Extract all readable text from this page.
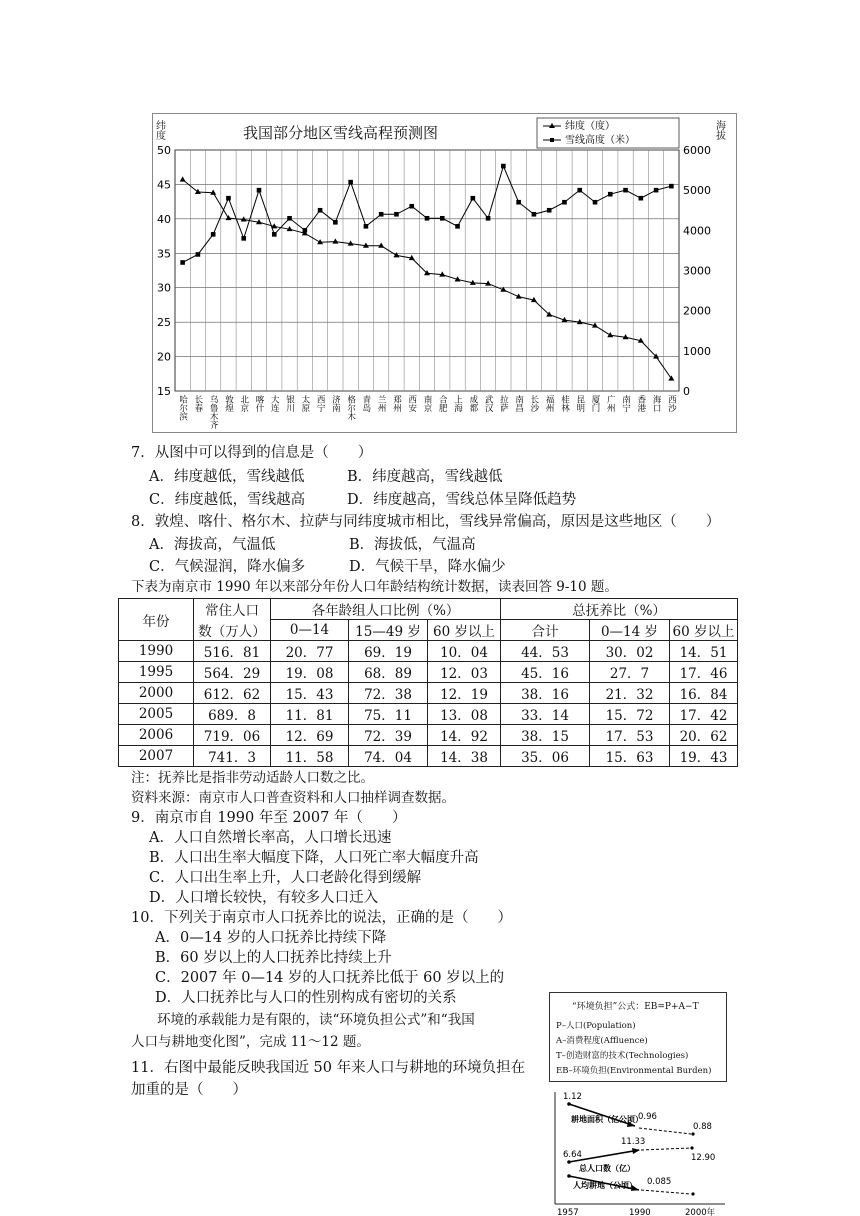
我国部分地区雪线高程预测图
纬度	海拔
纬度（度）
雪线高度（米）
50
45
40
35
30
25
20
15
6000
5000
4000
3000
2000
1000
0
哈尔滨 长春 乌鲁木齐 敦煌 北京 喀什 大连 银川 太原 西宁 济南 格尔木 青岛 兰州 郑州 西安 南京 合肥 上海 成都 武汉 拉萨 南昌 长沙 福州 桂林 昆明 厦门 广州 南宁 香港 海口 西沙
7．从图中可以得到的信息是（　　）
A．纬度越低，雪线越低	B．纬度越高，雪线越低
C．纬度越低，雪线越高	D．纬度越高，雪线总体呈降低趋势
8．敦煌、喀什、格尔木、拉萨与同纬度城市相比，雪线异常偏高，原因是这些地区（　　）
A．海拔高，气温低	B．海拔低，气温高
C．气候湿润，降水偏多	D．气候干旱，降水偏少
下表为南京市 1990 年以来部分年份人口年龄结构统计数据，读表回答 9-10 题。
年份	常住人口	各年龄组人口比例（%）			总抚养比（%）		
	数（万人）	0—14	15—49 岁	60 岁以上	合计	0—14 岁	60 岁以上
1990	516．81	20．77	69．19	10．04	44．53	30．02	14．51
1995	564．29	19．08	68．89	12．03	45．16	27．7	17．46
2000	612．62	15．43	72．38	12．19	38．16	21．32	16．84
2005	689．8	11．81	75．11	13．08	33．14	15．72	17．42
2006	719．06	12．69	72．39	14．92	38．15	17．53	20．62
2007	741．3	11．58	74．04	14．38	35．06	15．63	19．43
注：抚养比是指非劳动适龄人口数之比。
资料来源：南京市人口普查资料和人口抽样调查数据。
9．南京市自 1990 年至 2007 年（　　）
A．人口自然增长率高，人口增长迅速
B．人口出生率大幅度下降，人口死亡率大幅度升高
C．人口出生率上升，人口老龄化得到缓解
D．人口增长较快，有较多人口迁入
10．下列关于南京市人口抚养比的说法，正确的是（　　）
A．0—14 岁的人口抚养比持续下降
B．60 岁以上的人口抚养比持续上升
C．2007 年 0—14 岁的人口抚养比低于 60 岁以上的
D．人口抚养比与人口的性别构成有密切的关系
环境的承载能力是有限的，读“环境负担公式”和“我国
人口与耕地变化图”，完成 11～12 题。
11．右图中最能反映我国近 50 年来人口与耕地的环境负担在
加重的是（　　）
“环境负担”公式：EB=P+A−T
P–人口(Population)
A–消费程度(Affluence)
T–创造财富的技术(Technologies)
EB–环境负担(Environmental Burden)
1.12
耕地面积（亿公顷）
0.96
0.88
6.64
11.33
总人口数（亿）
12.90
人均耕地（公顷） 0.085
1957	1990	2000年
